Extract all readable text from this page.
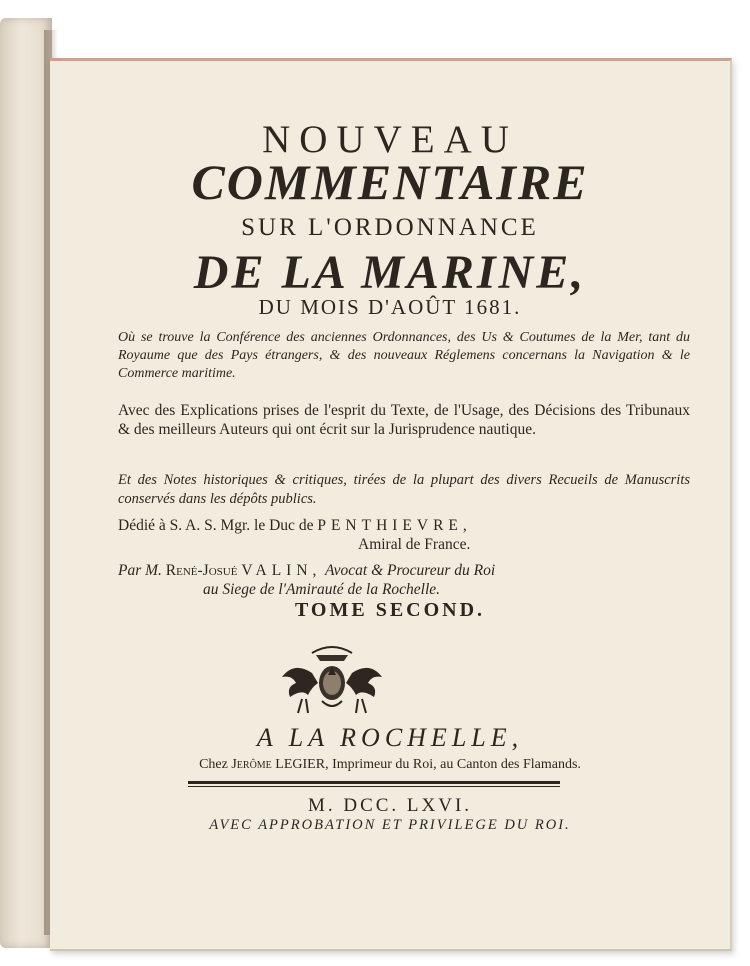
NOUVEAU
COMMENTAIRE
SUR L'ORDONNANCE
DE LA MARINE,
DU MOIS D'AOÛT 1681.
Où se trouve la Conférence des anciennes Ordonnances, des Us & Coutumes de la Mer, tant du Royaume que des Pays étrangers, & des nouveaux Réglemens concernans la Navigation & le Commerce maritime.
Avec des Explications prises de l'esprit du Texte, de l'Usage, des Décisions des Tribunaux & des meilleurs Auteurs qui ont écrit sur la Jurisprudence nautique.
Et des Notes historiques & critiques, tirées de la plupart des divers Recueils de Manuscrits conservés dans les dépôts publics.
Dédié à S. A. S. Mgr. le Duc de PENTHIEVRE,
Amiral de France.
Par M. René-Josué VALIN, Avocat & Procureur du Roi
au Siege de l'Amirauté de la Rochelle.
TOME SECOND.
A LA ROCHELLE,
Chez Jerôme LEGIER, Imprimeur du Roi, au Canton des Flamands.
M. DCC. LXVI.
AVEC APPROBATION ET PRIVILEGE DU ROI.
